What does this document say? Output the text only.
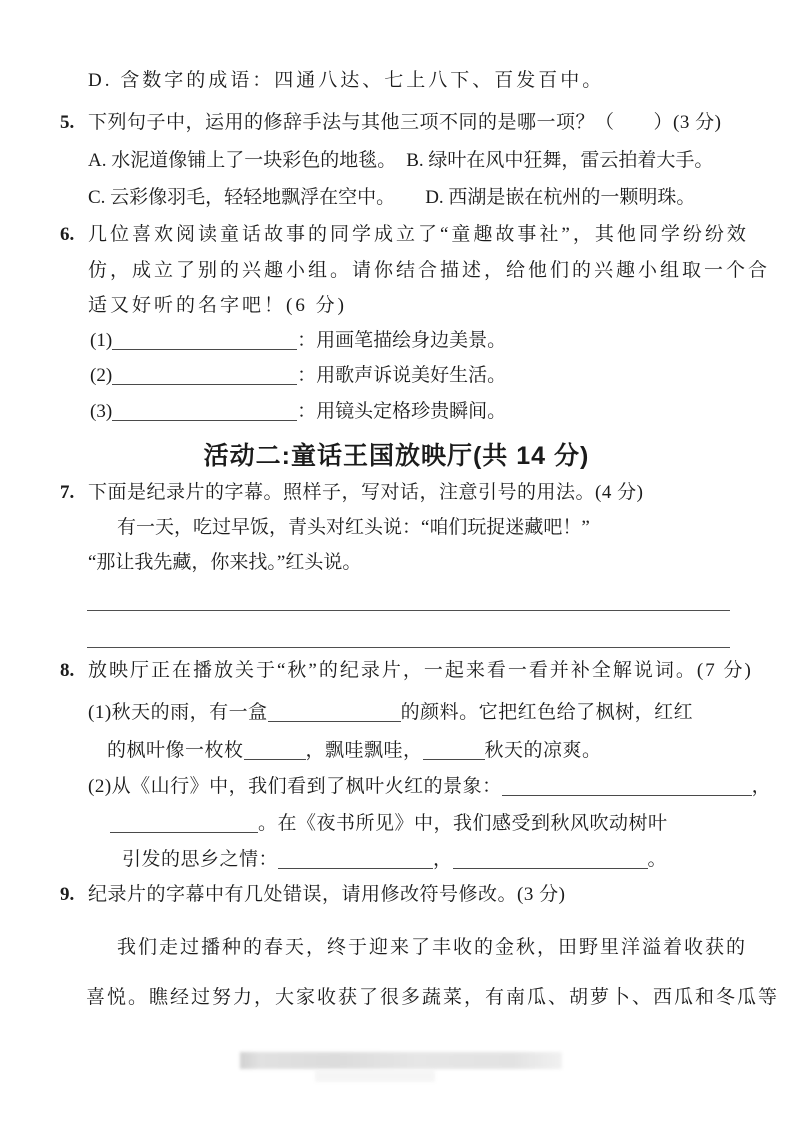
D. 含数字的成语：四通八达、七上八下、百发百中。
5. 下列句子中，运用的修辞手法与其他三项不同的是哪一项？（　　）(3 分)
A. 水泥道像铺上了一块彩色的地毯。 B. 绿叶在风中狂舞，雷云拍着大手。
C. 云彩像羽毛，轻轻地飘浮在空中。 D. 西湖是嵌在杭州的一颗明珠。
6. 几位喜欢阅读童话故事的同学成立了“童趣故事社”，其他同学纷纷效
仿，成立了别的兴趣小组。请你结合描述，给他们的兴趣小组取一个合
适又好听的名字吧！(6 分)
(1)	：用画笔描绘身边美景。
(2)	：用歌声诉说美好生活。
(3)	：用镜头定格珍贵瞬间。
活动二:童话王国放映厅(共 14 分)
7. 下面是纪录片的字幕。照样子，写对话，注意引号的用法。(4 分)
有一天，吃过早饭，青头对红头说：“咱们玩捉迷藏吧！”
“那让我先藏，你来找。”红头说。
8. 放映厅正在播放关于“秋”的纪录片，一起来看一看并补全解说词。(7 分)
(1)秋天的雨，有一盒	的颜料。它把红色给了枫树，红红
的枫叶像一枚枚	，飘哇飘哇，	秋天的凉爽。
(2)从《山行》中，我们看到了枫叶火红的景象：	，
。在《夜书所见》中，我们感受到秋风吹动树叶
引发的思乡之情：	，	。
9. 纪录片的字幕中有几处错误，请用修改符号修改。(3 分)
我们走过播种的春天，终于迎来了丰收的金秋，田野里洋溢着收获的
喜悦。瞧经过努力，大家收获了很多蔬菜，有南瓜、胡萝卜、西瓜和冬瓜等
